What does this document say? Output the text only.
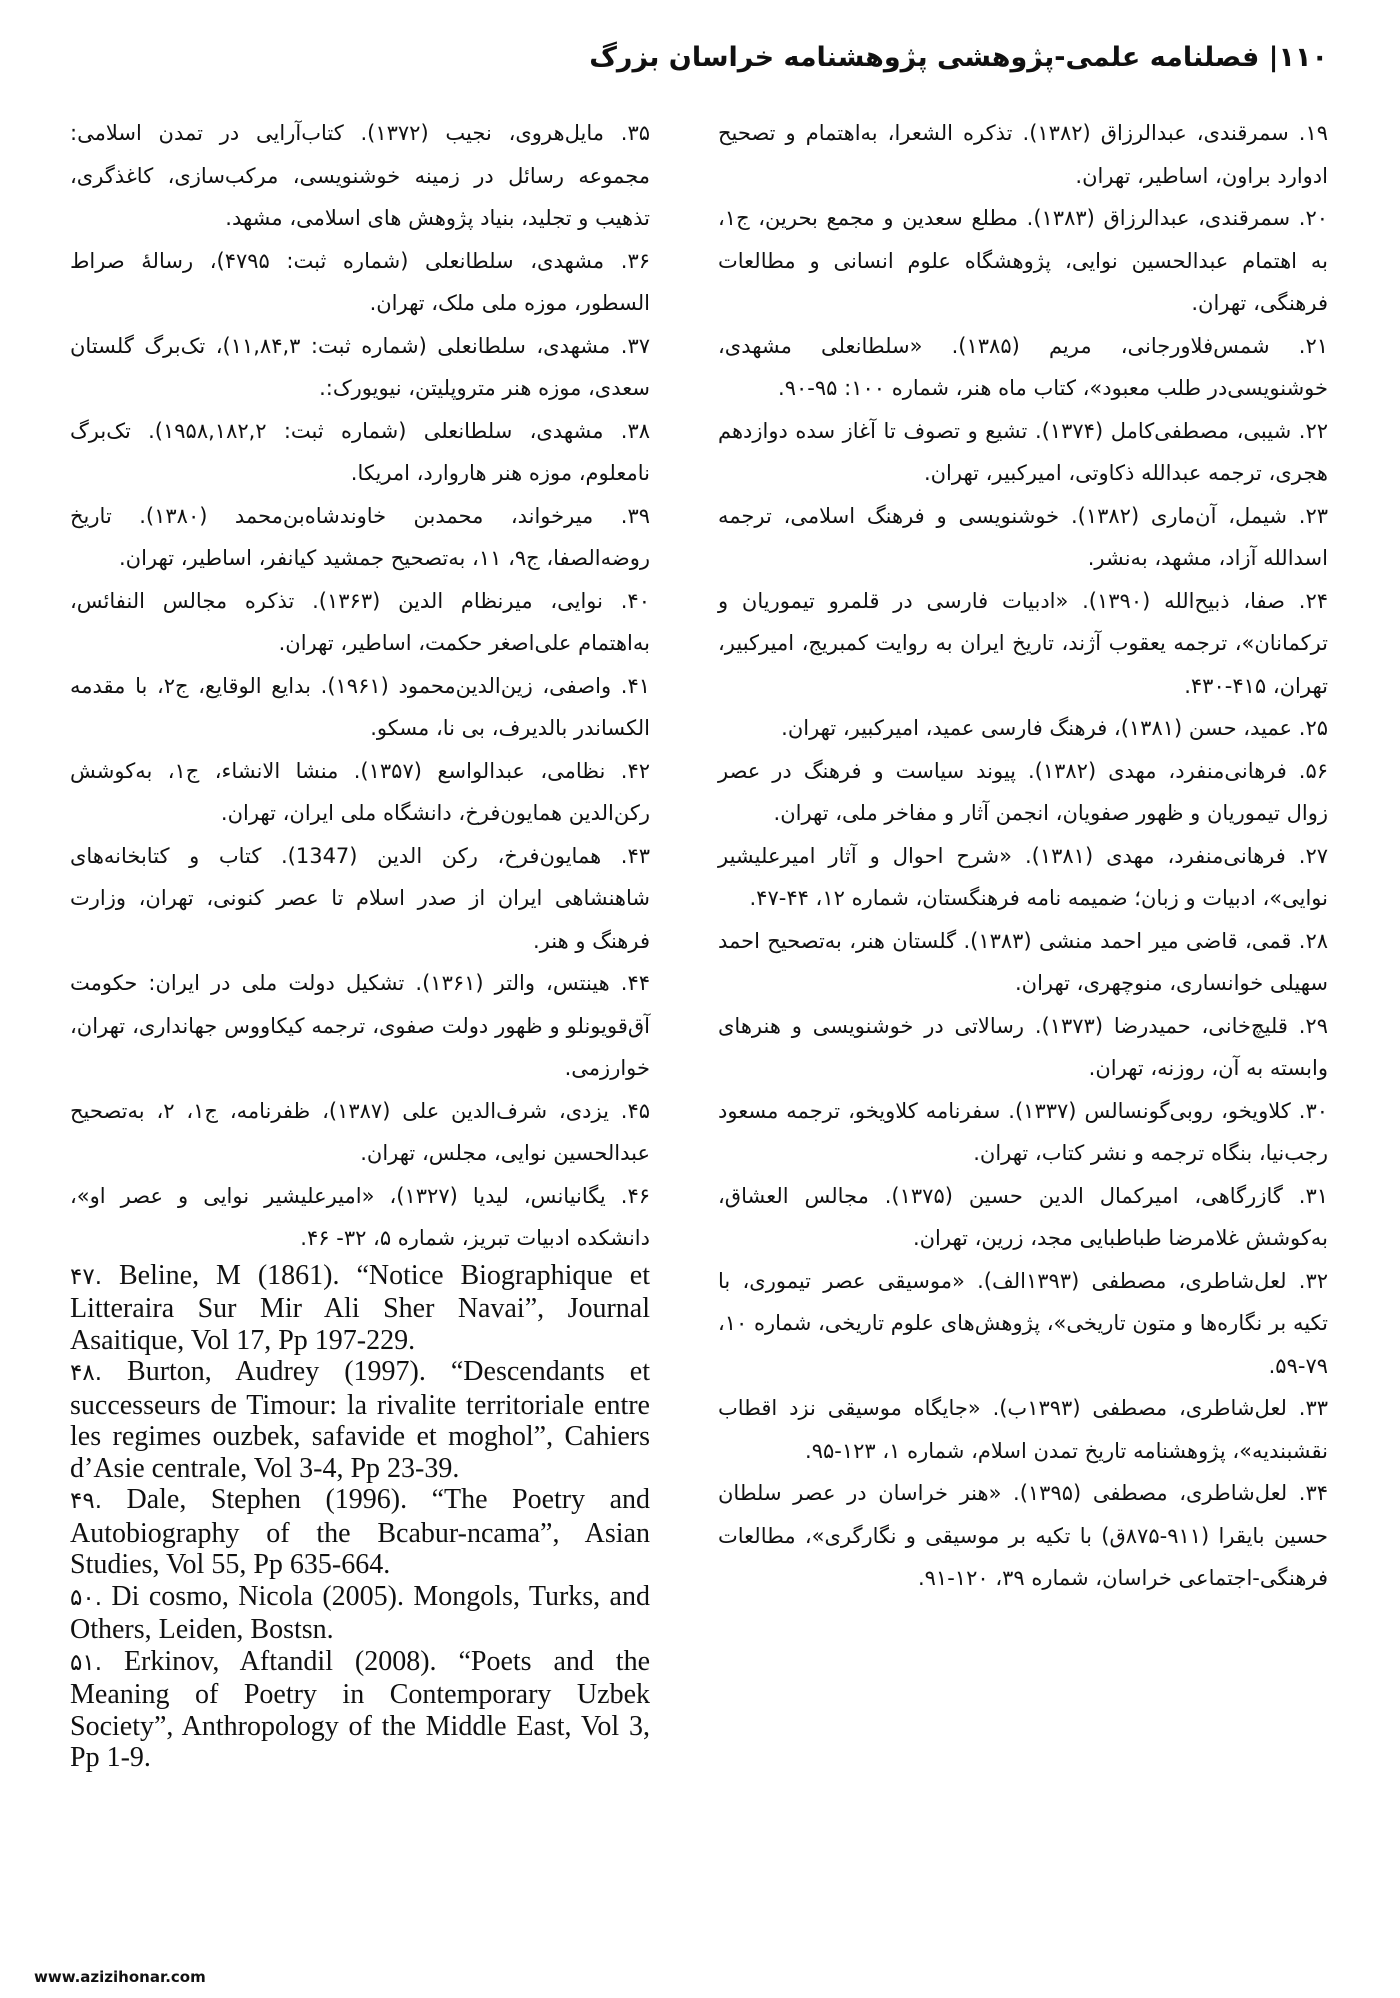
۱۱۰| فصلنامه علمی-پژوهشی پژوهشنامه خراسان بزرگ

۱۹. سمرقندی، عبدالرزاق (۱۳۸۲). تذکره الشعرا، به‌اهتمام و تصحیح ادوارد براون، اساطیر، تهران.

۲۰. سمرقندی، عبدالرزاق (۱۳۸۳). مطلع سعدین و مجمع بحرین، ج۱، به اهتمام عبدالحسین نوایی، پژوهشگاه علوم انسانی و مطالعات فرهنگی، تهران.

۲۱. شمس‌فلاورجانی، مریم (۱۳۸۵). «سلطانعلی مشهدی، خوشنویسی‌در طلب معبود»، کتاب ماه هنر، شماره ۱۰۰: ۹۵-۹۰.

۲۲. شیبی، مصطفی‌کامل (۱۳۷۴). تشیع و تصوف تا آغاز سده دوازدهم هجری، ترجمه عبدالله ذکاوتی، امیرکبیر، تهران.

۲۳. شیمل، آن‌ماری (۱۳۸۲). خوشنویسی و فرهنگ اسلامی، ترجمه اسدالله آزاد، مشهد، به‌نشر.

۲۴. صفا، ذبیح‌الله (۱۳۹۰). «ادبیات فارسی در قلمرو تیموریان و ترکمانان»، ترجمه یعقوب آژند، تاریخ ایران به روایت کمبریج، امیرکبیر، تهران، ۴۱۵-۴۳۰.

۲۵. عمید، حسن (۱۳۸۱)، فرهنگ فارسی عمید، امیرکبیر، تهران.

۵۶. فرهانی‌منفرد، مهدی (۱۳۸۲). پیوند سیاست و فرهنگ در عصر زوال تیموریان و ظهور صفویان، انجمن آثار و مفاخر ملی، تهران.

۲۷. فرهانی‌منفرد، مهدی (۱۳۸۱). «شرح احوال و آثار امیرعلیشیر نوایی»، ادبیات و زبان؛ ضمیمه نامه فرهنگستان، شماره ۱۲، ۴۴-۴۷.

۲۸. قمی، قاضی میر احمد منشی (۱۳۸۳). گلستان هنر، به‌تصحیح احمد سهیلی خوانساری، منوچهری، تهران.

۲۹. قلیچ‌خانی، حمیدرضا (۱۳۷۳). رسالاتی در خوشنویسی و هنرهای وابسته به آن، روزنه، تهران.

۳۰. کلاویخو، روبی‌گونسالس (۱۳۳۷). سفرنامه کلاویخو، ترجمه مسعود رجب‌نیا، بنگاه ترجمه و نشر کتاب، تهران.

۳۱. گازرگاهی، امیرکمال الدین حسین (۱۳۷۵). مجالس العشاق، به‌کوشش غلامرضا طباطبایی مجد، زرین، تهران.

۳۲. لعل‌شاطری، مصطفی (۱۳۹۳الف). «موسیقی عصر تیموری، با تکیه بر نگاره‌ها و متون تاریخی»، پژوهش‌های علوم تاریخی، شماره ۱۰، ۷۹-۵۹.

۳۳. لعل‌شاطری، مصطفی (۱۳۹۳ب). «جایگاه موسیقی نزد اقطاب نقشبندیه»، پژوهشنامه تاریخ تمدن اسلام، شماره ۱، ۱۲۳-۹۵.

۳۴. لعل‌شاطری، مصطفی (۱۳۹۵). «هنر خراسان در عصر سلطان حسین بایقرا (۹۱۱-۸۷۵ق) با تکیه بر موسیقی و نگارگری»، مطالعات فرهنگی-اجتماعی خراسان، شماره ۳۹، ۱۲۰-۹۱.

۳۵. مایل‌هروی، نجیب (۱۳۷۲). کتاب‌آرایی در تمدن اسلامی: مجموعه رسائل در زمینه خوشنویسی، مرکب‌سازی، کاغذگری، تذهیب و تجلید، بنیاد پژوهش های اسلامی، مشهد.

۳۶. مشهدی، سلطانعلی (شماره ثبت: ۴۷۹۵)، رسالهٔ صراط السطور، موزه ملی ملک، تهران.

۳۷. مشهدی، سلطانعلی (شماره ثبت: ۱۱,۸۴,۳)، تک‌برگ گلستان سعدی، موزه هنر متروپلیتن، نیویورک:.

۳۸. مشهدی، سلطانعلی (شماره ثبت: ۱۹۵۸,۱۸۲,۲). تک‌برگ نامعلوم، موزه هنر هاروارد، امریکا.

۳۹. میرخواند، محمدبن خاوندشاه‌بن‌محمد (۱۳۸۰). تاریخ روضه‌الصفا، ج۹، ۱۱، به‌تصحیح جمشید کیانفر، اساطیر، تهران.

۴۰. نوایی، میرنظام الدین (۱۳۶۳). تذکره مجالس النفائس، به‌اهتمام علی‌اصغر حکمت، اساطیر، تهران.

۴۱. واصفی، زین‌الدین‌محمود (۱۹۶۱). بدایع الوقایع، ج۲، با مقدمه الکساندر بالدیرف، بی نا، مسکو.

۴۲. نظامی، عبدالواسع (۱۳۵۷). منشا الانشاء، ج۱، به‌کوشش رکن‌الدین همایون‌فرخ، دانشگاه ملی ایران، تهران.

۴۳. همایون‌فرخ، رکن الدین (1347). کتاب و کتابخانه‌های شاهنشاهی ایران از صدر اسلام تا عصر کنونی، تهران، وزارت فرهنگ و هنر.

۴۴. هینتس، والتر (۱۳۶۱). تشکیل دولت ملی در ایران: حکومت آق‌قویونلو و ظهور دولت صفوی، ترجمه کیکاووس جهانداری، تهران، خوارزمی.

۴۵. یزدی، شرف‌الدین علی (۱۳۸۷)، ظفرنامه، ج۱، ۲، به‌تصحیح عبدالحسین نوایی، مجلس، تهران.

۴۶. یگانیانس، لیدیا (۱۳۲۷)، «امیرعلیشیر نوایی و عصر او»، دانشکده ادبیات تبریز، شماره ۵، ۳۲- ۴۶.

۴۷. Beline, M (1861). “Notice Biographique et Litteraira Sur Mir Ali Sher Navai”, Journal Asaitique, Vol 17, Pp 197-229.

۴۸. Burton, Audrey (1997). “Descendants et successeurs de Timour: la rivalite territoriale entre les regimes ouzbek, safavide et moghol”, Cahiers d’Asie centrale, Vol 3-4, Pp 23-39.

۴۹. Dale, Stephen (1996). “The Poetry and Autobiography of the Bcabur-ncama”, Asian Studies, Vol 55, Pp 635-664.

۵۰. Di cosmo, Nicola (2005). Mongols, Turks, and Others, Leiden, Bostsn.

۵۱. Erkinov, Aftandil (2008). “Poets and the Meaning of Poetry in Contemporary Uzbek Society”, Anthropology of the Middle East, Vol 3, Pp 1-9.

www.azizihonar.com
